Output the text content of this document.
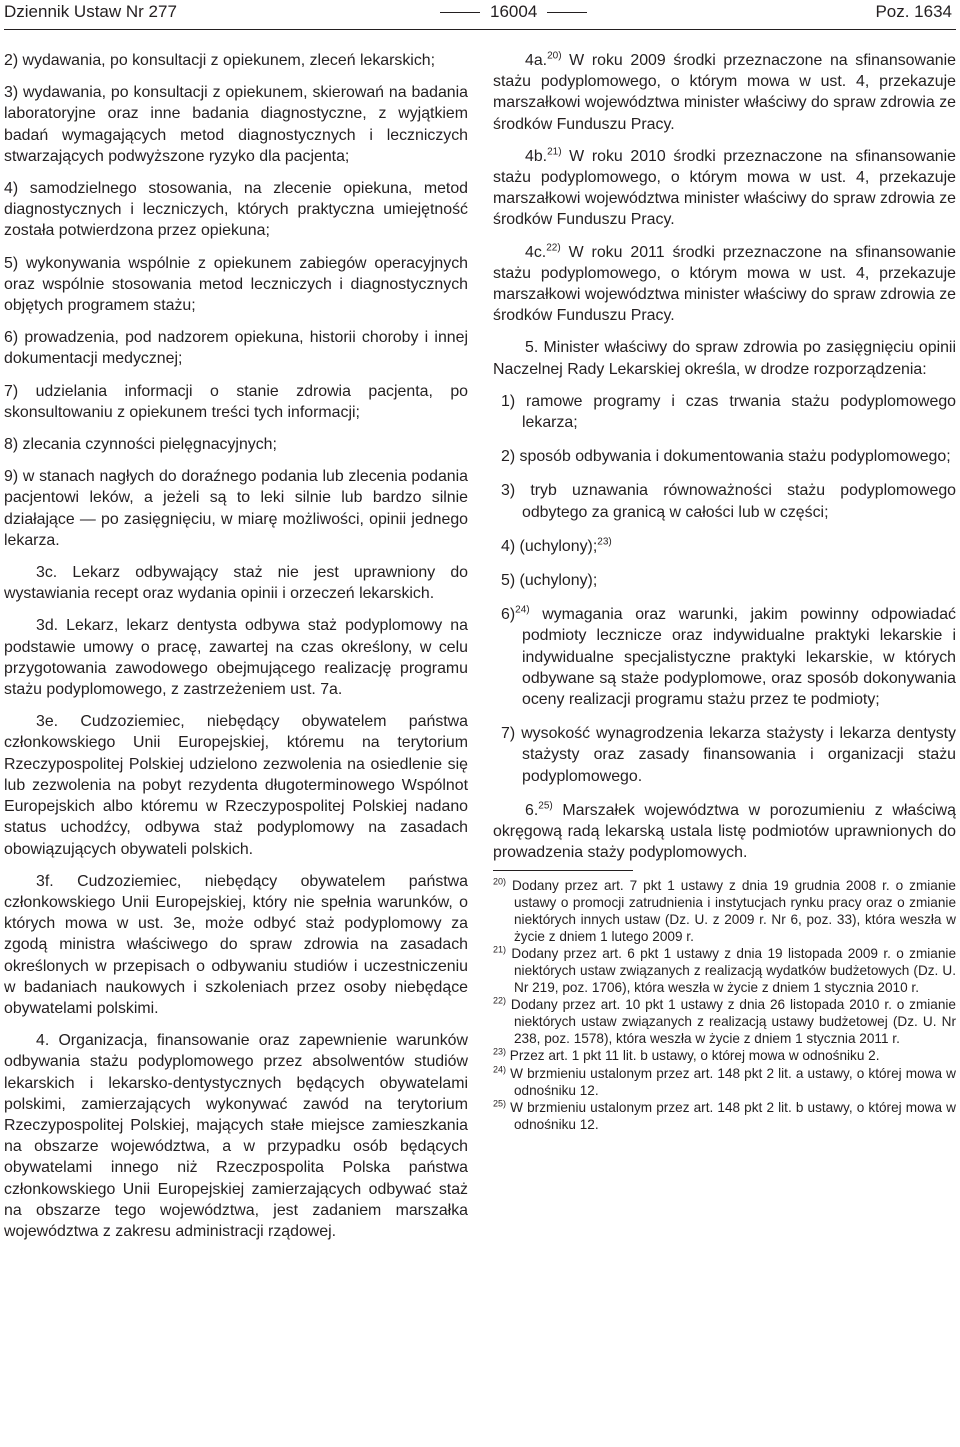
Dziennik Ustaw Nr 277	16004	Poz. 1634

2) wydawania, po konsultacji z opiekunem, zleceń lekarskich;

3) wydawania, po konsultacji z opiekunem, skierowań na badania laboratoryjne oraz inne badania diagnostyczne, z wyjątkiem badań wymagających metod diagnostycznych i leczniczych stwarzających podwyższone ryzyko dla pacjenta;

4) samodzielnego stosowania, na zlecenie opiekuna, metod diagnostycznych i leczniczych, których praktyczna umiejętność została potwierdzona przez opiekuna;

5) wykonywania wspólnie z opiekunem zabiegów operacyjnych oraz wspólnie stosowania metod leczniczych i diagnostycznych objętych programem stażu;

6) prowadzenia, pod nadzorem opiekuna, historii choroby i innej dokumentacji medycznej;

7) udzielania informacji o stanie zdrowia pacjenta, po skonsultowaniu z opiekunem treści tych informacji;

8) zlecania czynności pielęgnacyjnych;

9) w stanach nagłych do doraźnego podania lub zlecenia podania pacjentowi leków, a jeżeli są to leki silnie lub bardzo silnie działające — po zasięgnięciu, w miarę możliwości, opinii jednego lekarza.

3c. Lekarz odbywający staż nie jest uprawniony do wystawiania recept oraz wydania opinii i orzeczeń lekarskich.

3d. Lekarz, lekarz dentysta odbywa staż podyplomowy na podstawie umowy o pracę, zawartej na czas określony, w celu przygotowania zawodowego obejmującego realizację programu stażu podyplomowego, z zastrzeżeniem ust. 7a.

3e. Cudzoziemiec, niebędący obywatelem państwa członkowskiego Unii Europejskiej, któremu na terytorium Rzeczypospolitej Polskiej udzielono zezwolenia na osiedlenie się lub zezwolenia na pobyt rezydenta długoterminowego Wspólnot Europejskich albo któremu w Rzeczypospolitej Polskiej nadano status uchodźcy, odbywa staż podyplomowy na zasadach obowiązujących obywateli polskich.

3f. Cudzoziemiec, niebędący obywatelem państwa członkowskiego Unii Europejskiej, który nie spełnia warunków, o których mowa w ust. 3e, może odbyć staż podyplomowy za zgodą ministra właściwego do spraw zdrowia na zasadach określonych w przepisach o odbywaniu studiów i uczestniczeniu w badaniach naukowych i szkoleniach przez osoby niebędące obywatelami polskimi.

4. Organizacja, finansowanie oraz zapewnienie warunków odbywania stażu podyplomowego przez absolwentów studiów lekarskich i lekarsko-dentystycznych będących obywatelami polskimi, zamierzających wykonywać zawód na terytorium Rzeczypospolitej Polskiej, mających stałe miejsce zamieszkania na obszarze województwa, a w przypadku osób będących obywatelami innego niż Rzeczpospolita Polska państwa członkowskiego Unii Europejskiej zamierzających odbywać staż na obszarze tego województwa, jest zadaniem marszałka województwa z zakresu administracji rządowej.

4a.$^{20)}$ W roku 2009 środki przeznaczone na sfinansowanie stażu podyplomowego, o którym mowa w ust. 4, przekazuje marszałkowi województwa minister właściwy do spraw zdrowia ze środków Funduszu Pracy.

4b.$^{21)}$ W roku 2010 środki przeznaczone na sfinansowanie stażu podyplomowego, o którym mowa w ust. 4, przekazuje marszałkowi województwa minister właściwy do spraw zdrowia ze środków Funduszu Pracy.

4c.$^{22)}$ W roku 2011 środki przeznaczone na sfinansowanie stażu podyplomowego, o którym mowa w ust. 4, przekazuje marszałkowi województwa minister właściwy do spraw zdrowia ze środków Funduszu Pracy.

5. Minister właściwy do spraw zdrowia po zasięgnięciu opinii Naczelnej Rady Lekarskiej określa, w drodze rozporządzenia:

1) ramowe programy i czas trwania stażu podyplomowego lekarza;

2) sposób odbywania i dokumentowania stażu podyplomowego;

3) tryb uznawania równoważności stażu podyplomowego odbytego za granicą w całości lub w części;

4) (uchylony);$^{23)}$

5) (uchylony);

6)$^{24)}$ wymagania oraz warunki, jakim powinny odpowiadać podmioty lecznicze oraz indywidualne praktyki lekarskie i indywidualne specjalistyczne praktyki lekarskie, w których odbywane są staże podyplomowe, oraz sposób dokonywania oceny realizacji programu stażu przez te podmioty;

7) wysokość wynagrodzenia lekarza stażysty i lekarza dentysty stażysty oraz zasady finansowania i organizacji stażu podyplomowego.

6.$^{25)}$ Marszałek województwa w porozumieniu z właściwą okręgową radą lekarską ustala listę podmiotów uprawnionych do prowadzenia staży podyplomowych.

$^{20)}$ Dodany przez art. 7 pkt 1 ustawy z dnia 19 grudnia 2008 r. o zmianie ustawy o promocji zatrudnienia i instytucjach rynku pracy oraz o zmianie niektórych innych ustaw (Dz. U. z 2009 r. Nr 6, poz. 33), która weszła w życie z dniem 1 lutego 2009 r.

$^{21)}$ Dodany przez art. 6 pkt 1 ustawy z dnia 19 listopada 2009 r. o zmianie niektórych ustaw związanych z realizacją wydatków budżetowych (Dz. U. Nr 219, poz. 1706), która weszła w życie z dniem 1 stycznia 2010 r.

$^{22)}$ Dodany przez art. 10 pkt 1 ustawy z dnia 26 listopada 2010 r. o zmianie niektórych ustaw związanych z realizacją ustawy budżetowej (Dz. U. Nr 238, poz. 1578), która weszła w życie z dniem 1 stycznia 2011 r.

$^{23)}$ Przez art. 1 pkt 11 lit. b ustawy, o której mowa w odnośniku 2.

$^{24)}$ W brzmieniu ustalonym przez art. 148 pkt 2 lit. a ustawy, o której mowa w odnośniku 12.

$^{25)}$ W brzmieniu ustalonym przez art. 148 pkt 2 lit. b ustawy, o której mowa w odnośniku 12.
